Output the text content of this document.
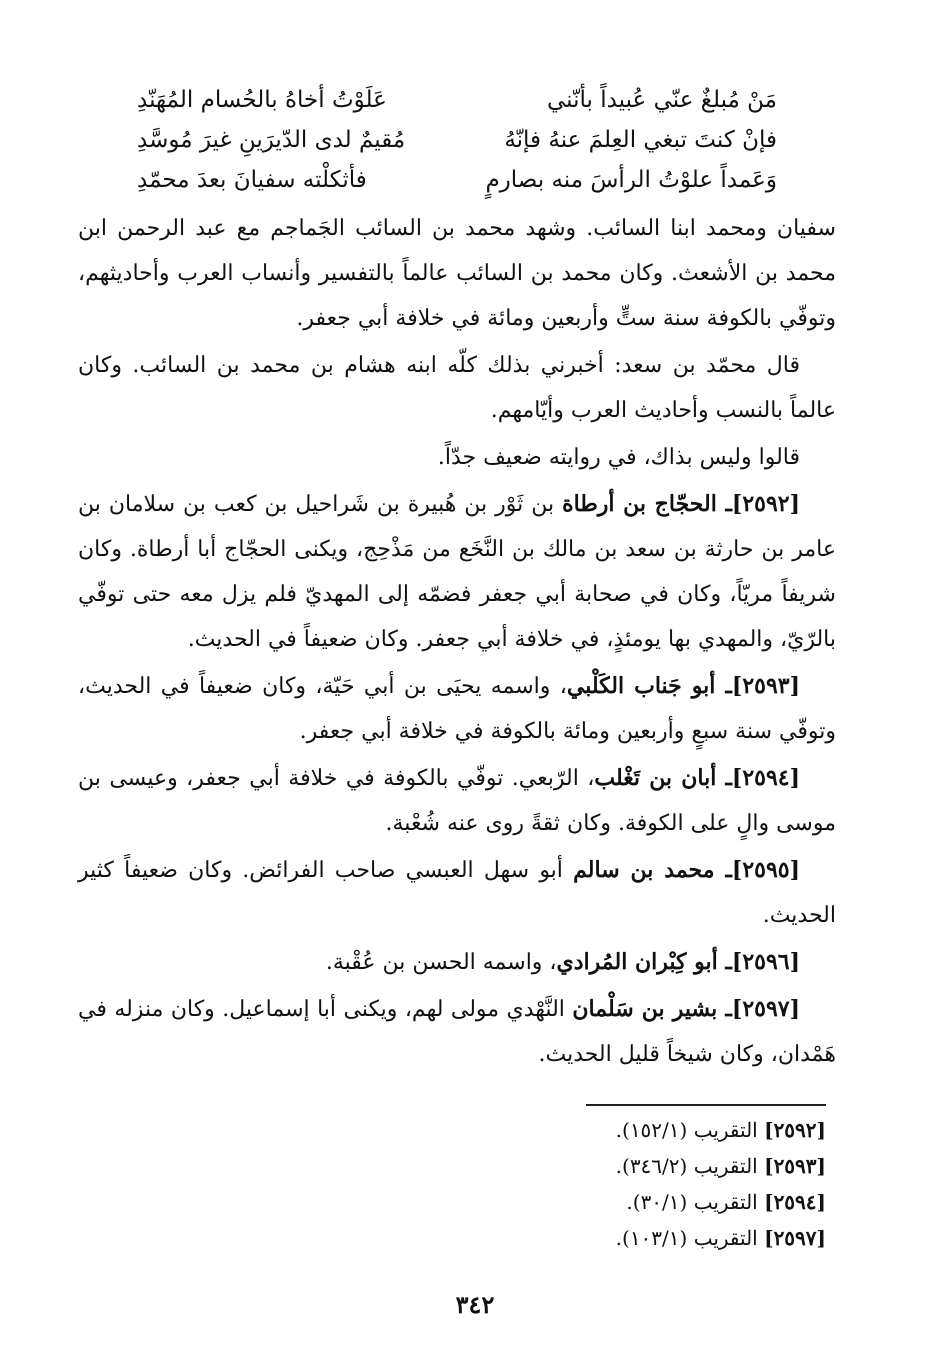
مَنْ مُبلغٌ عنّي عُبيداً بأنّني
عَلَوْتُ أخاهُ بالحُسام المُهَنّدِ
فإنْ كنتَ تبغي العِلمَ عنهُ فإنّهُ
مُقيمٌ لدى الدّيرَينِ غيرَ مُوسَّدِ
وَعَمداً علوْتُ الرأسَ منه بصارمٍ
فأثكلْته سفيانَ بعدَ محمّدِ

سفيان ومحمد ابنا السائب. وشهد محمد بن السائب الجَماجم مع عبد الرحمن ابن محمد بن الأشعث. وكان محمد بن السائب عالماً بالتفسير وأنساب العرب وأحاديثهم، وتوفّي بالكوفة سنة ستٍّ وأربعين ومائة في خلافة أبي جعفر.

قال محمّد بن سعد: أخبرني بذلك كلّه ابنه هشام بن محمد بن السائب. وكان عالماً بالنسب وأحاديث العرب وأيّامهم.

قالوا وليس بذاك، في روايته ضعيف جدّاً.

[٢٥٩٢]ـ الحجّاج بن أرطاة بن ثَوْر بن هُبيرة بن شَراحيل بن كعب بن سلامان بن عامر بن حارثة بن سعد بن مالك بن النَّخَع من مَذْحِج، ويكنى الحجّاج أبا أرطاة. وكان شريفاً مريّاً، وكان في صحابة أبي جعفر فضمّه إلى المهديّ فلم يزل معه حتى توفّي بالرّيّ، والمهدي بها يومئذٍ، في خلافة أبي جعفر. وكان ضعيفاً في الحديث.

[٢٥٩٣]ـ أبو جَناب الكَلْبي، واسمه يحيَى بن أبي حَيّة، وكان ضعيفاً في الحديث، وتوفّي سنة سبعٍ وأربعين ومائة بالكوفة في خلافة أبي جعفر.

[٢٥٩٤]ـ أبان بن تَغْلب، الرّبعي. توفّي بالكوفة في خلافة أبي جعفر، وعيسى بن موسى والٍ على الكوفة. وكان ثقةً روى عنه شُعْبة.

[٢٥٩٥]ـ محمد بن سالم أبو سهل العبسي صاحب الفرائض. وكان ضعيفاً كثير الحديث.

[٢٥٩٦]ـ أبو كِبْران المُرادي، واسمه الحسن بن عُقْبة.

[٢٥٩٧]ـ بشير بن سَلْمان النَّهْدي مولى لهم، ويكنى أبا إسماعيل. وكان منزله في هَمْدان، وكان شيخاً قليل الحديث.

[٢٥٩٢] التقريب (١٥٢/١).
[٢٥٩٣] التقريب (٣٤٦/٢).
[٢٥٩٤] التقريب (٣٠/١).
[٢٥٩٧] التقريب (١٠٣/١).
٣٤٢
